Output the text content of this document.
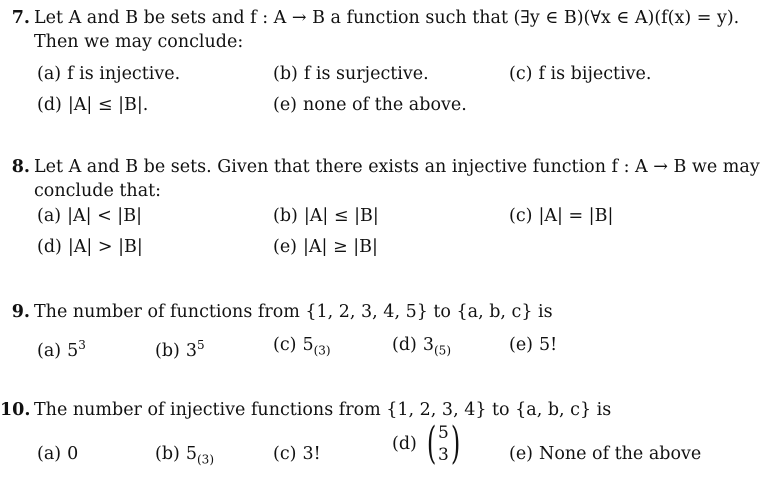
7. Let A and B be sets and f : A → B a function such that (∃y ∈ B)(∀x ∈ A)(f(x) = y).
Then we may conclude:
(a) f is injective.	(b) f is surjective.	(c) f is bijective.
(d) |A| ≤ |B|.	(e) none of the above.
8. Let A and B be sets. Given that there exists an injective function f : A → B we may
conclude that:
(a) |A| < |B|	(b) |A| ≤ |B|	(c) |A| = |B|
(d) |A| > |B|	(e) |A| ≥ |B|
9. The number of functions from {1, 2, 3, 4, 5} to {a, b, c} is
(a) $5^3$	(b) $3^5$	(c) $5_{(3)}$	(d) $3_{(5)}$	(e) 5!
10. The number of injective functions from {1, 2, 3, 4} to {a, b, c} is
(a) 0	(b) $5_{(3)}$	(c) 3!	(d) ( 5
3 )	(e) None of the above
